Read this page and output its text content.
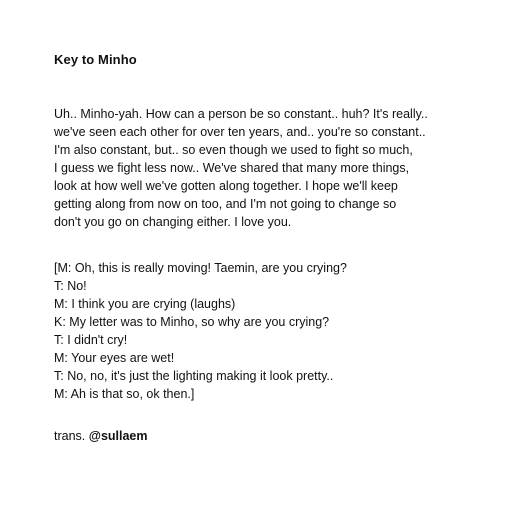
Key to Minho
Uh.. Minho-yah. How can a person be so constant.. huh? It's really..
we've seen each other for over ten years, and.. you're so constant..
I'm also constant, but.. so even though we used to fight so much,
I guess we fight less now.. We've shared that many more things,
look at how well we've gotten along together. I hope we'll keep
getting along from now on too, and I'm not going to change so
don't you go on changing either. I love you.
[M: Oh, this is really moving! Taemin, are you crying?
T: No!
M: I think you are crying (laughs)
K: My letter was to Minho, so why are you crying?
T: I didn't cry!
M: Your eyes are wet!
T: No, no, it's just the lighting making it look pretty..
M: Ah is that so, ok then.]
trans. @sullaem
